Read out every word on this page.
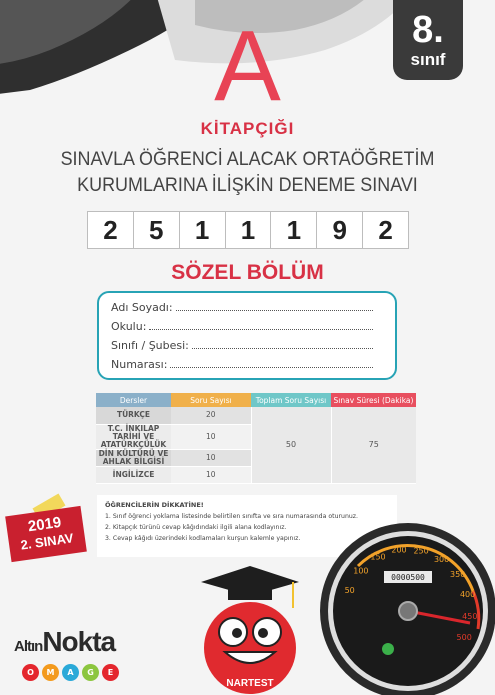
8.
sınıf
A
KİTAPÇIĞI
SINAVLA ÖĞRENCİ ALACAK ORTAÖĞRETİM
KURUMLARINA İLİŞKİN DENEME SINAVI
2	5	1	1	1	9	2
SÖZEL BÖLÜM
Adı Soyadı:
Okulu:
Sınıfı / Şubesi:
Numarası:
Dersler	Soru Sayısı	Toplam Soru Sayısı	Sınav Süresi (Dakika)
TÜRKÇE	20	50	75
T.C. İNKILAP TARİHİ VE ATATÜRKÇÜLÜK	10		
DİN KÜLTÜRÜ VE AHLAK BİLGİSİ	10		
İNGİLİZCE	10		
ÖĞRENCİLERİN DİKKATİNE!
1. Sınıf öğrenci yoklama listesinde belirtilen sınıfta ve sıra numarasında oturunuz.
2. Kitapçık türünü cevap kâğıdındaki ilgili alana kodlayınız.
3. Cevap kâğıdı üzerindeki kodlamaları kurşun kalemle yapınız.
2019
2. SINAV
50
100
150
200 250
300
350
400
450
500
0000500
NARTEST
AltınNokta
O	M	A	G	E
